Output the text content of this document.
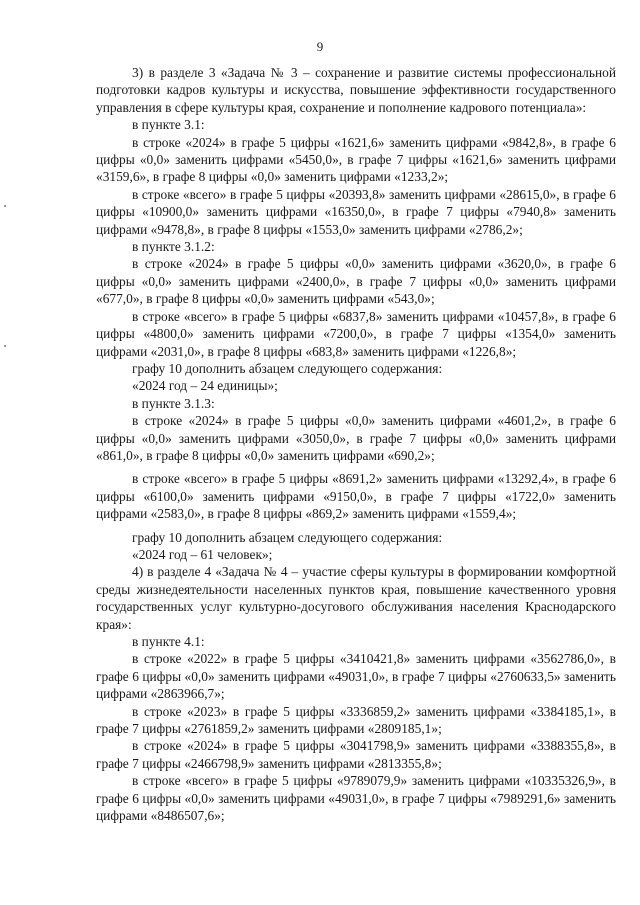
9

3) в разделе 3 «Задача № 3 – сохранение и развитие системы профессиональной подготовки кадров культуры и искусства, повышение эффективности государственного управления в сфере культуры края, сохранение и пополнение кадрового потенциала»:

в пункте 3.1:

в строке «2024» в графе 5 цифры «1621,6» заменить цифрами «9842,8», в графе 6 цифры «0,0» заменить цифрами «5450,0», в графе 7 цифры «1621,6» заменить цифрами «3159,6», в графе 8 цифры «0,0» заменить цифрами «1233,2»;

в строке «всего» в графе 5 цифры «20393,8» заменить цифрами «28615,0», в графе 6 цифры «10900,0» заменить цифрами «16350,0», в графе 7 цифры «7940,8» заменить цифрами «9478,8», в графе 8 цифры «1553,0» заменить цифрами «2786,2»;

в пункте 3.1.2:

в строке «2024» в графе 5 цифры «0,0» заменить цифрами «3620,0», в графе 6 цифры «0,0» заменить цифрами «2400,0», в графе 7 цифры «0,0» заменить цифрами «677,0», в графе 8 цифры «0,0» заменить цифрами «543,0»;

в строке «всего» в графе 5 цифры «6837,8» заменить цифрами «10457,8», в графе 6 цифры «4800,0» заменить цифрами «7200,0», в графе 7 цифры «1354,0» заменить цифрами «2031,0», в графе 8 цифры «683,8» заменить цифрами «1226,8»;

графу 10 дополнить абзацем следующего содержания:

«2024 год – 24 единицы»;

в пункте 3.1.3:

в строке «2024» в графе 5 цифры «0,0» заменить цифрами «4601,2», в графе 6 цифры «0,0» заменить цифрами «3050,0», в графе 7 цифры «0,0» заменить цифрами «861,0», в графе 8 цифры «0,0» заменить цифрами «690,2»;

в строке «всего» в графе 5 цифры «8691,2» заменить цифрами «13292,4», в графе 6 цифры «6100,0» заменить цифрами «9150,0», в графе 7 цифры «1722,0» заменить цифрами «2583,0», в графе 8 цифры «869,2» заменить цифрами «1559,4»;

графу 10 дополнить абзацем следующего содержания:

«2024 год – 61 человек»;

4) в разделе 4 «Задача № 4 – участие сферы культуры в формировании комфортной среды жизнедеятельности населенных пунктов края, повышение качественного уровня государственных услуг культурно-досугового обслуживания населения Краснодарского края»:

в пункте 4.1:

в строке «2022» в графе 5 цифры «3410421,8» заменить цифрами «3562786,0», в графе 6 цифры «0,0» заменить цифрами «49031,0», в графе 7 цифры «2760633,5» заменить цифрами «2863966,7»;

в строке «2023» в графе 5 цифры «3336859,2» заменить цифрами «3384185,1», в графе 7 цифры «2761859,2» заменить цифрами «2809185,1»;

в строке «2024» в графе 5 цифры «3041798,9» заменить цифрами «3388355,8», в графе 7 цифры «2466798,9» заменить цифрами «2813355,8»;

в строке «всего» в графе 5 цифры «9789079,9» заменить цифрами «10335326,9», в графе 6 цифры «0,0» заменить цифрами «49031,0», в графе 7 цифры «7989291,6» заменить цифрами «8486507,6»;
